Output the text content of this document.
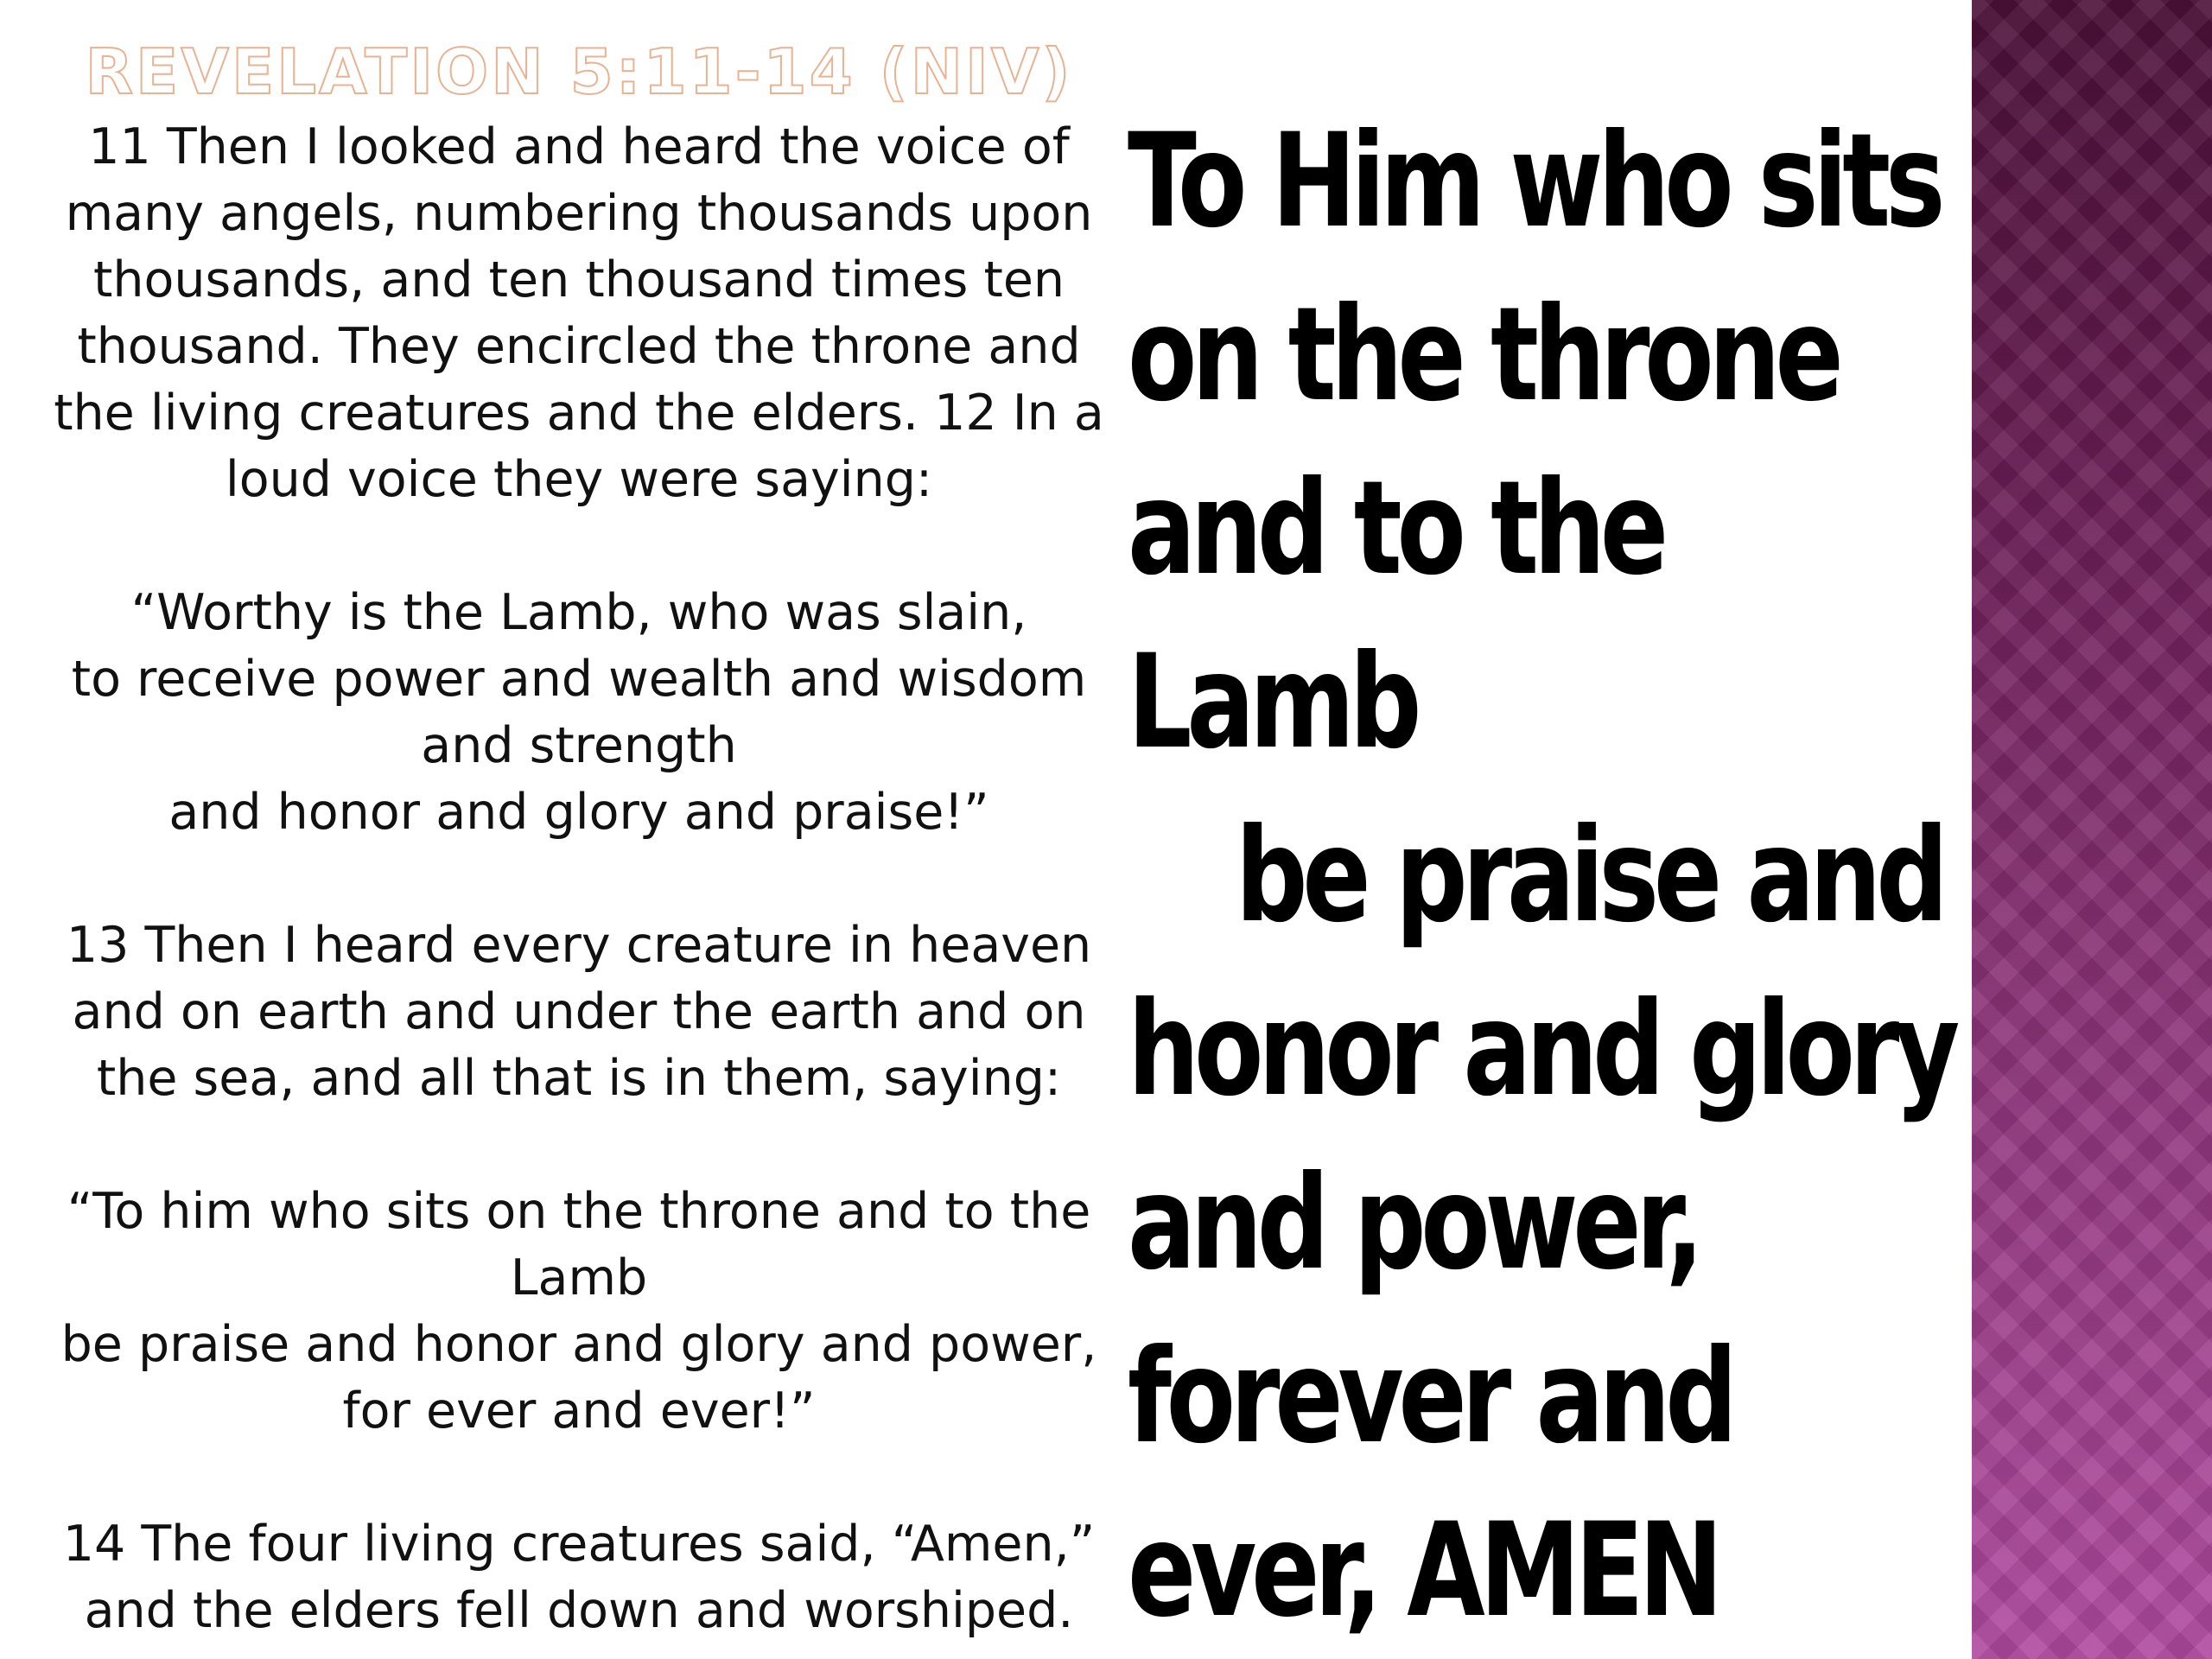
REVELATION 5:11-14 (NIV)

11 Then I looked and heard the voice of
many angels, numbering thousands upon
thousands, and ten thousand times ten
thousand. They encircled the throne and
the living creatures and the elders. 12 In a
loud voice they were saying:

“Worthy is the Lamb, who was slain,
to receive power and wealth and wisdom
and strength
and honor and glory and praise!”

13 Then I heard every creature in heaven
and on earth and under the earth and on
the sea, and all that is in them, saying:

“To him who sits on the throne and to the
Lamb
be praise and honor and glory and power,
for ever and ever!”

14 The four living creatures said, “Amen,”
and the elders fell down and worshiped.

To Him who sits
on the throne
and to the
Lamb
be praise and
honor and glory
and power,
forever and
ever, AMEN
